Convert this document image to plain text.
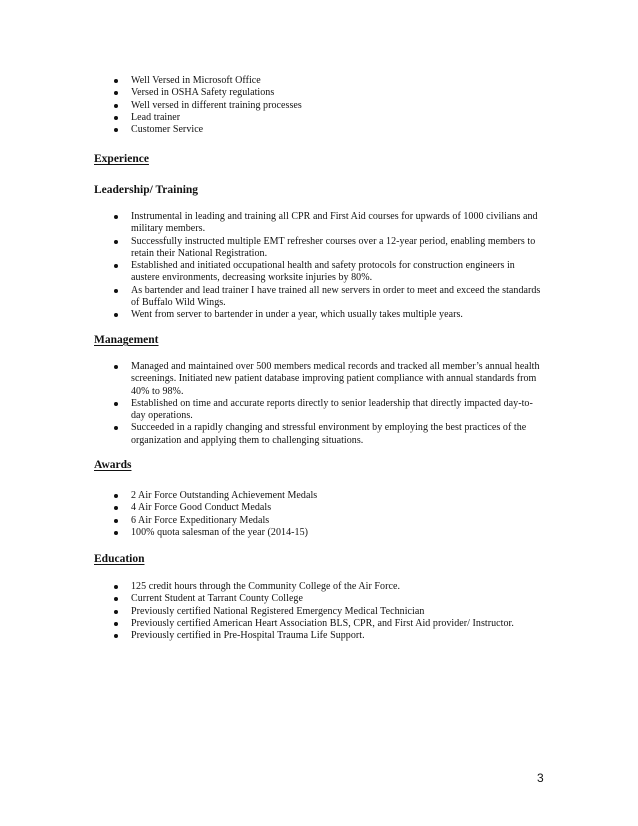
Well Versed in Microsoft Office
Versed in OSHA Safety regulations
Well versed in different training processes
Lead trainer
Customer Service
Experience
Leadership/ Training
Instrumental in leading and training all CPR and First Aid courses for upwards of 1000 civilians and military members.
Successfully instructed multiple EMT refresher courses over a 12-year period, enabling members to retain their National Registration.
Established and initiated occupational health and safety protocols for construction engineers in austere environments, decreasing worksite injuries by 80%.
As bartender and lead trainer I have trained all new servers in order to meet and exceed the standards of Buffalo Wild Wings.
Went from server to bartender in under a year, which usually takes multiple years.
Management
Managed and maintained over 500 members medical records and tracked all member’s annual health screenings. Initiated new patient database improving patient compliance with annual standards from 40% to 98%.
Established on time and accurate reports directly to senior leadership that directly impacted day-to-day operations.
Succeeded in a rapidly changing and stressful environment by employing the best practices of the organization and applying them to challenging situations.
Awards
2 Air Force Outstanding Achievement Medals
4 Air Force Good Conduct Medals
6 Air Force Expeditionary Medals
100% quota salesman of the year (2014-15)
Education
125 credit hours through the Community College of the Air Force.
Current Student at Tarrant County College
Previously certified National Registered Emergency Medical Technician
Previously certified American Heart Association BLS, CPR, and First Aid provider/ Instructor.
Previously certified in Pre-Hospital Trauma Life Support.
3
